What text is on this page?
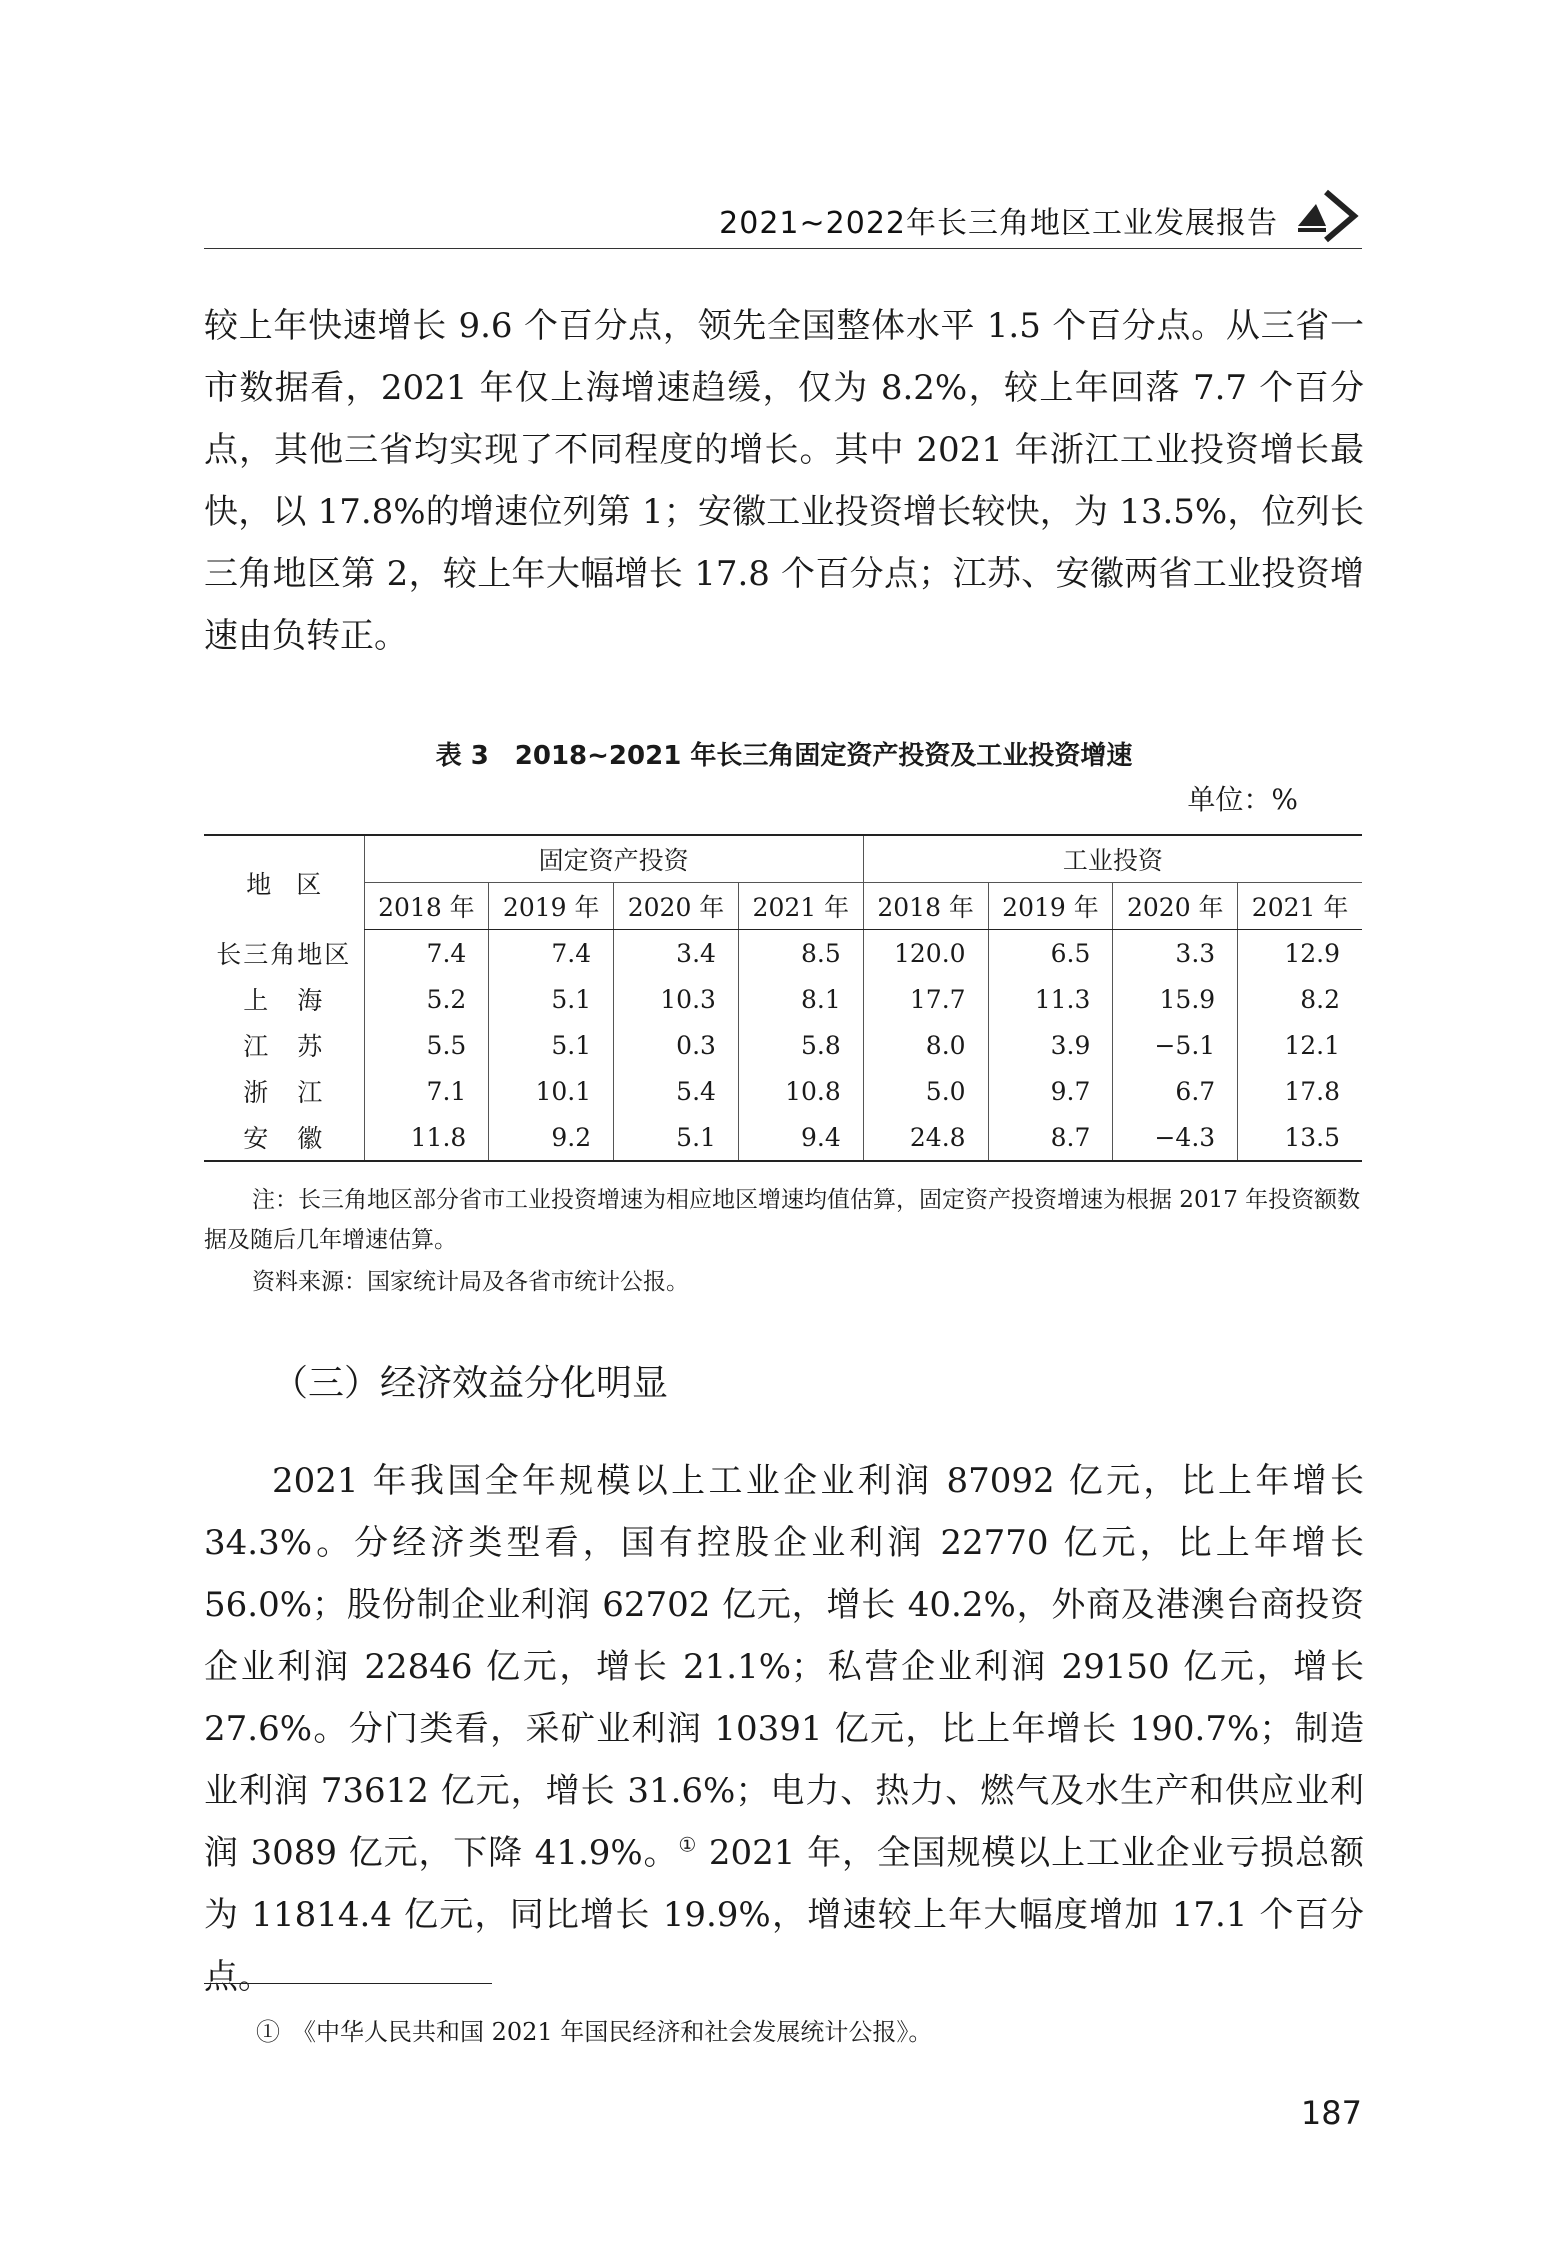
2021~2022年长三角地区工业发展报告

较上年快速增长 9.6 个百分点，领先全国整体水平 1.5 个百分点。从三省一市数据看，2021 年仅上海增速趋缓，仅为 8.2%，较上年回落 7.7 个百分点，其他三省均实现了不同程度的增长。其中 2021 年浙江工业投资增长最快，以 17.8%的增速位列第 1；安徽工业投资增长较快，为 13.5%，位列长三角地区第 2，较上年大幅增长 17.8 个百分点；江苏、安徽两省工业投资增速由负转正。

表 3　2018~2021 年长三角固定资产投资及工业投资增速
单位：%
地　区	固定资产投资				工业投资			
	2018 年	2019 年	2020 年	2021 年	2018 年	2019 年	2020 年	2021 年
长三角地区	7.4	7.4	3.4	8.5	120.0	6.5	3.3	12.9
上　海	5.2	5.1	10.3	8.1	17.7	11.3	15.9	8.2
江　苏	5.5	5.1	0.3	5.8	8.0	3.9	−5.1	12.1
浙　江	7.1	10.1	5.4	10.8	5.0	9.7	6.7	17.8
安　徽	11.8	9.2	5.1	9.4	24.8	8.7	−4.3	13.5

注：长三角地区部分省市工业投资增速为相应地区增速均值估算，固定资产投资增速为根据 2017 年投资额数据及随后几年增速估算。

资料来源：国家统计局及各省市统计公报。

（三）经济效益分化明显

2021 年我国全年规模以上工业企业利润 87092 亿元，比上年增长 34.3%。分经济类型看，国有控股企业利润 22770 亿元，比上年增长 56.0%；股份制企业利润 62702 亿元，增长 40.2%，外商及港澳台商投资企业利润 22846 亿元，增长 21.1%；私营企业利润 29150 亿元，增长 27.6%。分门类看，采矿业利润 10391 亿元，比上年增长 190.7%；制造业利润 73612 亿元，增长 31.6%；电力、热力、燃气及水生产和供应业利润 3089 亿元，下降 41.9%。① 2021 年，全国规模以上工业企业亏损总额为 11814.4 亿元，同比增长 19.9%，增速较上年大幅度增加 17.1 个百分点。

①　《中华人民共和国 2021 年国民经济和社会发展统计公报》。
187
